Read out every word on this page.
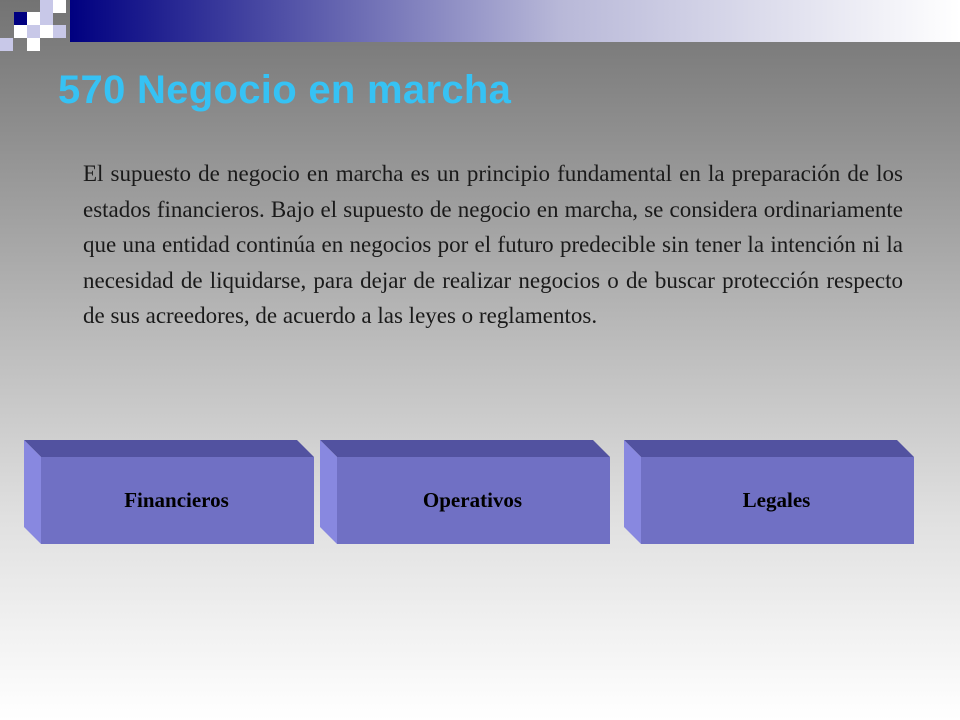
570 Negocio en marcha

El supuesto de negocio en marcha es un principio fundamental en la preparación de los estados financieros. Bajo el supuesto de negocio en marcha, se considera ordinariamente que una entidad continúa en negocios por el futuro predecible sin tener la intención ni la necesidad de liquidarse, para dejar de realizar negocios o de buscar protección respecto de sus acreedores, de acuerdo a las leyes o reglamentos.

Financieros	Operativos	Legales
